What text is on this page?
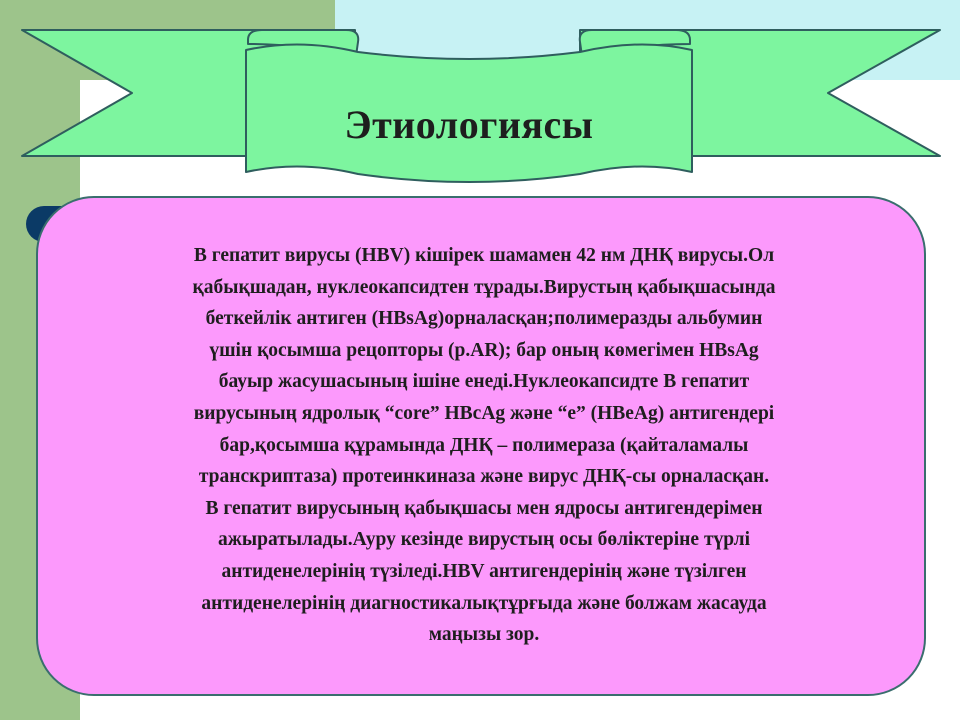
Этиологиясы

В гепатит вирусы (HBV) кішірек шамамен 42 нм ДНҚ вирусы.Ол
қабықшадан, нуклеокапсидтен тұрады.Вирустың қабықшасында
беткейлік антиген (HBsAg)орналасқан;полимеразды альбумин
үшін қосымша рецопторы (p.AR); бар оның көмегімен HBsAg
бауыр жасушасының ішіне енеді.Нуклеокапсидте В гепатит
вирусының ядролық “core” HBcAg және “e” (HBeAg) антигендері
бар,қосымша құрамында ДНҚ – полимераза (қайталамалы
транскриптаза) протеинкиназа және вирус ДНҚ-сы орналасқан.
В гепатит вирусының қабықшасы мен ядросы антигендерімен
ажыратылады.Ауру кезінде вирустың осы бөліктеріне түрлі
антиденелерінің түзіледі.HBV антигендерінің және түзілген
антиденелерінің диагностикалықтұрғыда және болжам жасауда
маңызы зор.
